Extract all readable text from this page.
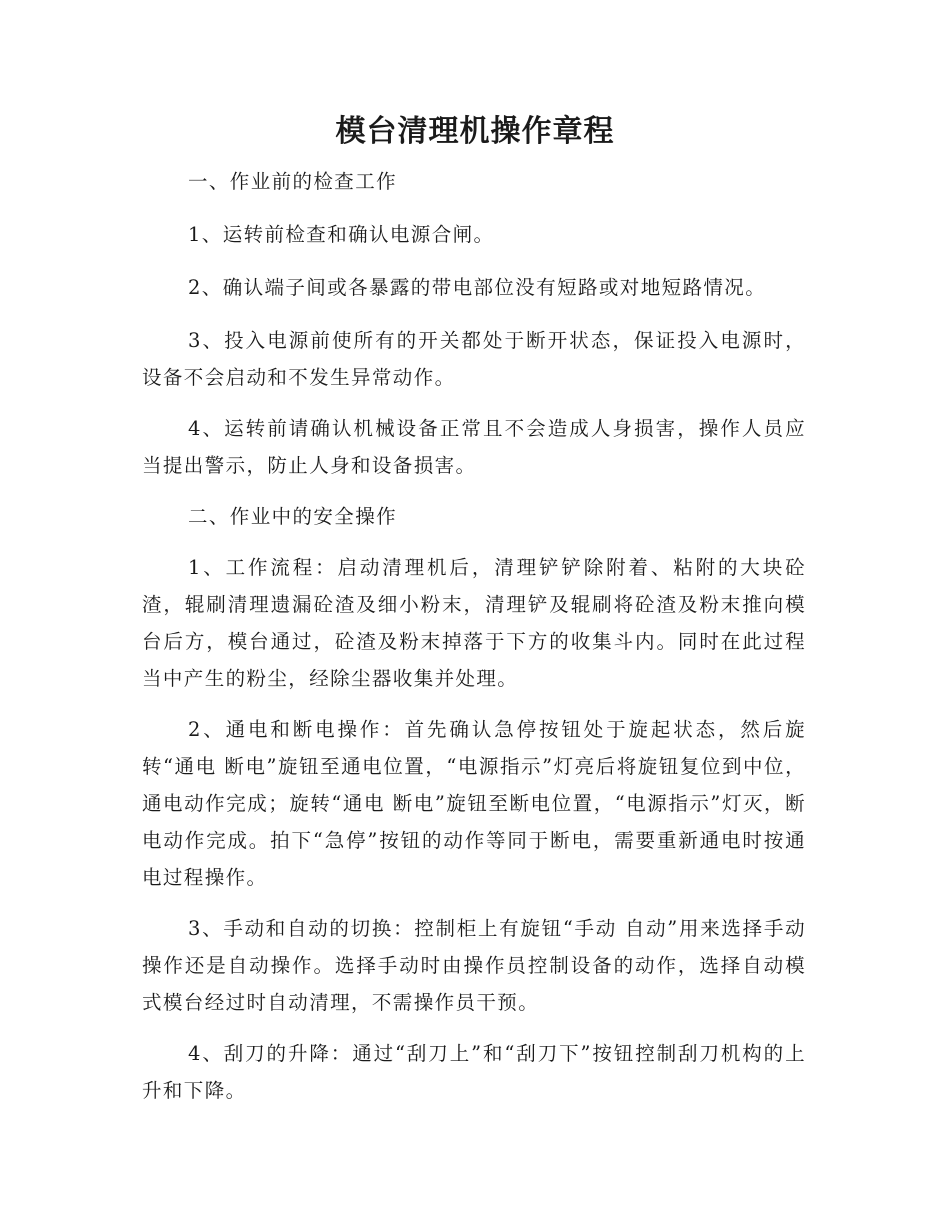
模台清理机操作章程

一、作业前的检查工作

1、运转前检查和确认电源合闸。

2、确认端子间或各暴露的带电部位没有短路或对地短路情况。

3、投入电源前使所有的开关都处于断开状态，保证投入电源时，设备不会启动和不发生异常动作。

4、运转前请确认机械设备正常且不会造成人身损害，操作人员应当提出警示，防止人身和设备损害。

二、作业中的安全操作

1、工作流程：启动清理机后，清理铲铲除附着、粘附的大块砼渣，辊刷清理遗漏砼渣及细小粉末，清理铲及辊刷将砼渣及粉末推向模台后方，模台通过，砼渣及粉末掉落于下方的收集斗内。同时在此过程当中产生的粉尘，经除尘器收集并处理。

2、通电和断电操作：首先确认急停按钮处于旋起状态，然后旋转“通电 断电”旋钮至通电位置，“电源指示”灯亮后将旋钮复位到中位，通电动作完成；旋转“通电 断电”旋钮至断电位置，“电源指示”灯灭，断电动作完成。拍下“急停”按钮的动作等同于断电，需要重新通电时按通电过程操作。

3、手动和自动的切换：控制柜上有旋钮“手动 自动”用来选择手动操作还是自动操作。选择手动时由操作员控制设备的动作，选择自动模式模台经过时自动清理，不需操作员干预。

4、刮刀的升降：通过“刮刀上”和“刮刀下”按钮控制刮刀机构的上升和下降。
